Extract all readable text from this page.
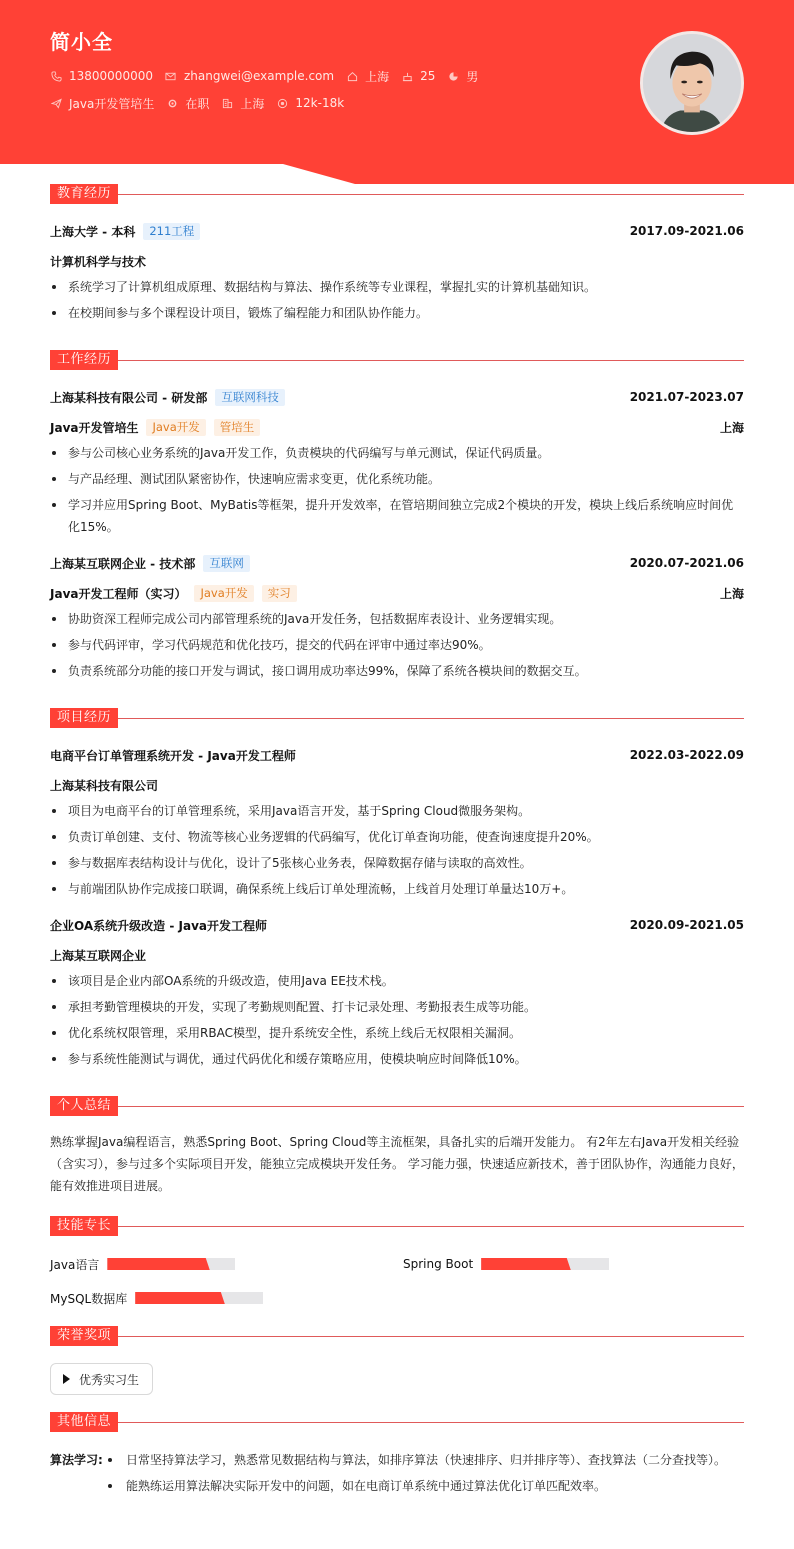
简小全
13800000000	zhangwei@example.com	上海	25	男
Java开发管培生	在职	上海	12k-18k
教育经历
上海大学 - 本科	211工程	2017.09-2021.06
计算机科学与技术
系统学习了计算机组成原理、数据结构与算法、操作系统等专业课程，掌握扎实的计算机基础知识。
在校期间参与多个课程设计项目，锻炼了编程能力和团队协作能力。
工作经历
上海某科技有限公司 - 研发部	互联网科技	2021.07-2023.07
Java开发管培生	Java开发	管培生	上海
参与公司核心业务系统的Java开发工作，负责模块的代码编写与单元测试，保证代码质量。
与产品经理、测试团队紧密协作，快速响应需求变更，优化系统功能。
学习并应用Spring Boot、MyBatis等框架，提升开发效率，在管培期间独立完成2个模块的开发，模块上线后系统响应时间优化15%。
上海某互联网企业 - 技术部	互联网	2020.07-2021.06
Java开发工程师（实习）	Java开发	实习	上海
协助资深工程师完成公司内部管理系统的Java开发任务，包括数据库表设计、业务逻辑实现。
参与代码评审，学习代码规范和优化技巧，提交的代码在评审中通过率达90%。
负责系统部分功能的接口开发与调试，接口调用成功率达99%，保障了系统各模块间的数据交互。
项目经历
电商平台订单管理系统开发 - Java开发工程师	2022.03-2022.09
上海某科技有限公司
项目为电商平台的订单管理系统，采用Java语言开发，基于Spring Cloud微服务架构。
负责订单创建、支付、物流等核心业务逻辑的代码编写，优化订单查询功能，使查询速度提升20%。
参与数据库表结构设计与优化，设计了5张核心业务表，保障数据存储与读取的高效性。
与前端团队协作完成接口联调，确保系统上线后订单处理流畅，上线首月处理订单量达10万+。
企业OA系统升级改造 - Java开发工程师	2020.09-2021.05
上海某互联网企业
该项目是企业内部OA系统的升级改造，使用Java EE技术栈。
承担考勤管理模块的开发，实现了考勤规则配置、打卡记录处理、考勤报表生成等功能。
优化系统权限管理，采用RBAC模型，提升系统安全性，系统上线后无权限相关漏洞。
参与系统性能测试与调优，通过代码优化和缓存策略应用，使模块响应时间降低10%。
个人总结

熟练掌握Java编程语言，熟悉Spring Boot、Spring Cloud等主流框架，具备扎实的后端开发能力。 有2年左右Java开发相关经验（含实习），参与过多个实际项目开发，能独立完成模块开发任务。 学习能力强，快速适应新技术，善于团队协作，沟通能力良好，能有效推进项目进展。

技能专长
Java语言	Spring Boot
MySQL数据库
荣誉奖项
优秀实习生
其他信息
算法学习:	日常坚持算法学习，熟悉常见数据结构与算法，如排序算法（快速排序、归并排序等）、查找算法（二分查找等）。
能熟练运用算法解决实际开发中的问题，如在电商订单系统中通过算法优化订单匹配效率。
